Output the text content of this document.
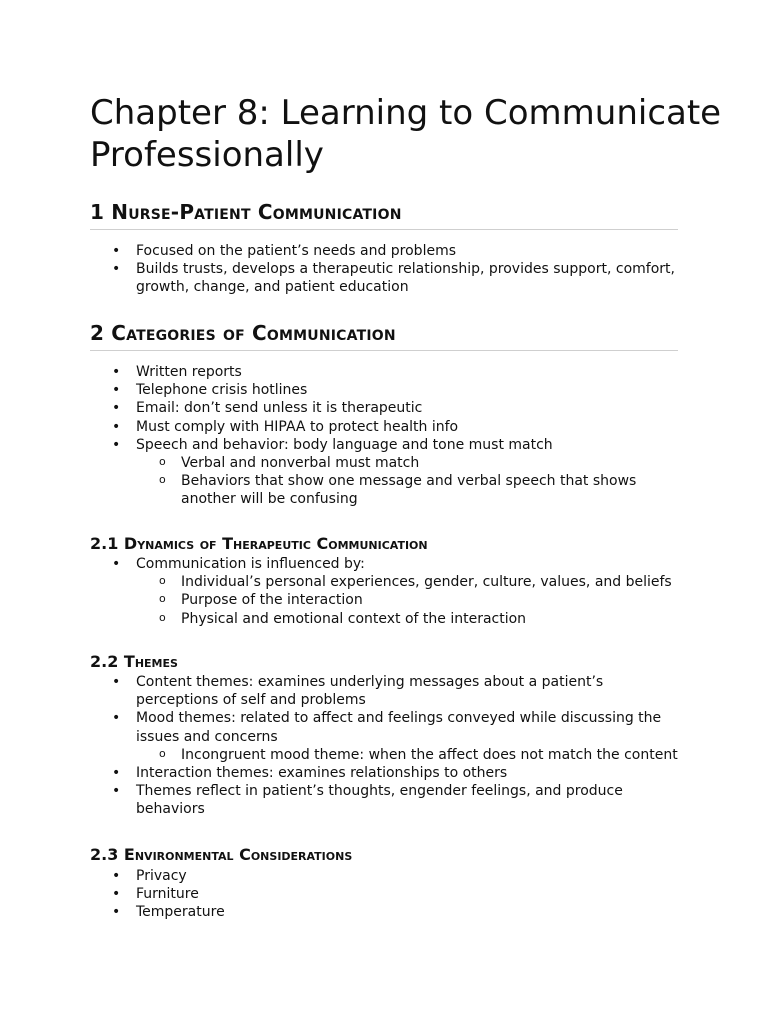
Chapter 8: Learning to Communicate Professionally
1 Nurse-Patient Communication
• Focused on the patient’s needs and problems
• Builds trusts, develops a therapeutic relationship, provides support, comfort, growth, change, and patient education
2 Categories of Communication
• Written reports
• Telephone crisis hotlines
• Email: don’t send unless it is therapeutic
• Must comply with HIPAA to protect health info
• Speech and behavior: body language and tone must match
o Verbal and nonverbal must match
o Behaviors that show one message and verbal speech that shows another will be confusing
2.1 Dynamics of Therapeutic Communication
• Communication is influenced by:
o Individual’s personal experiences, gender, culture, values, and beliefs
o Purpose of the interaction
o Physical and emotional context of the interaction
2.2 Themes
• Content themes: examines underlying messages about a patient’s perceptions of self and problems
• Mood themes: related to affect and feelings conveyed while discussing the issues and concerns
o Incongruent mood theme: when the affect does not match the content
• Interaction themes: examines relationships to others
• Themes reflect in patient’s thoughts, engender feelings, and produce behaviors
2.3 Environmental Considerations
• Privacy
• Furniture
• Temperature
